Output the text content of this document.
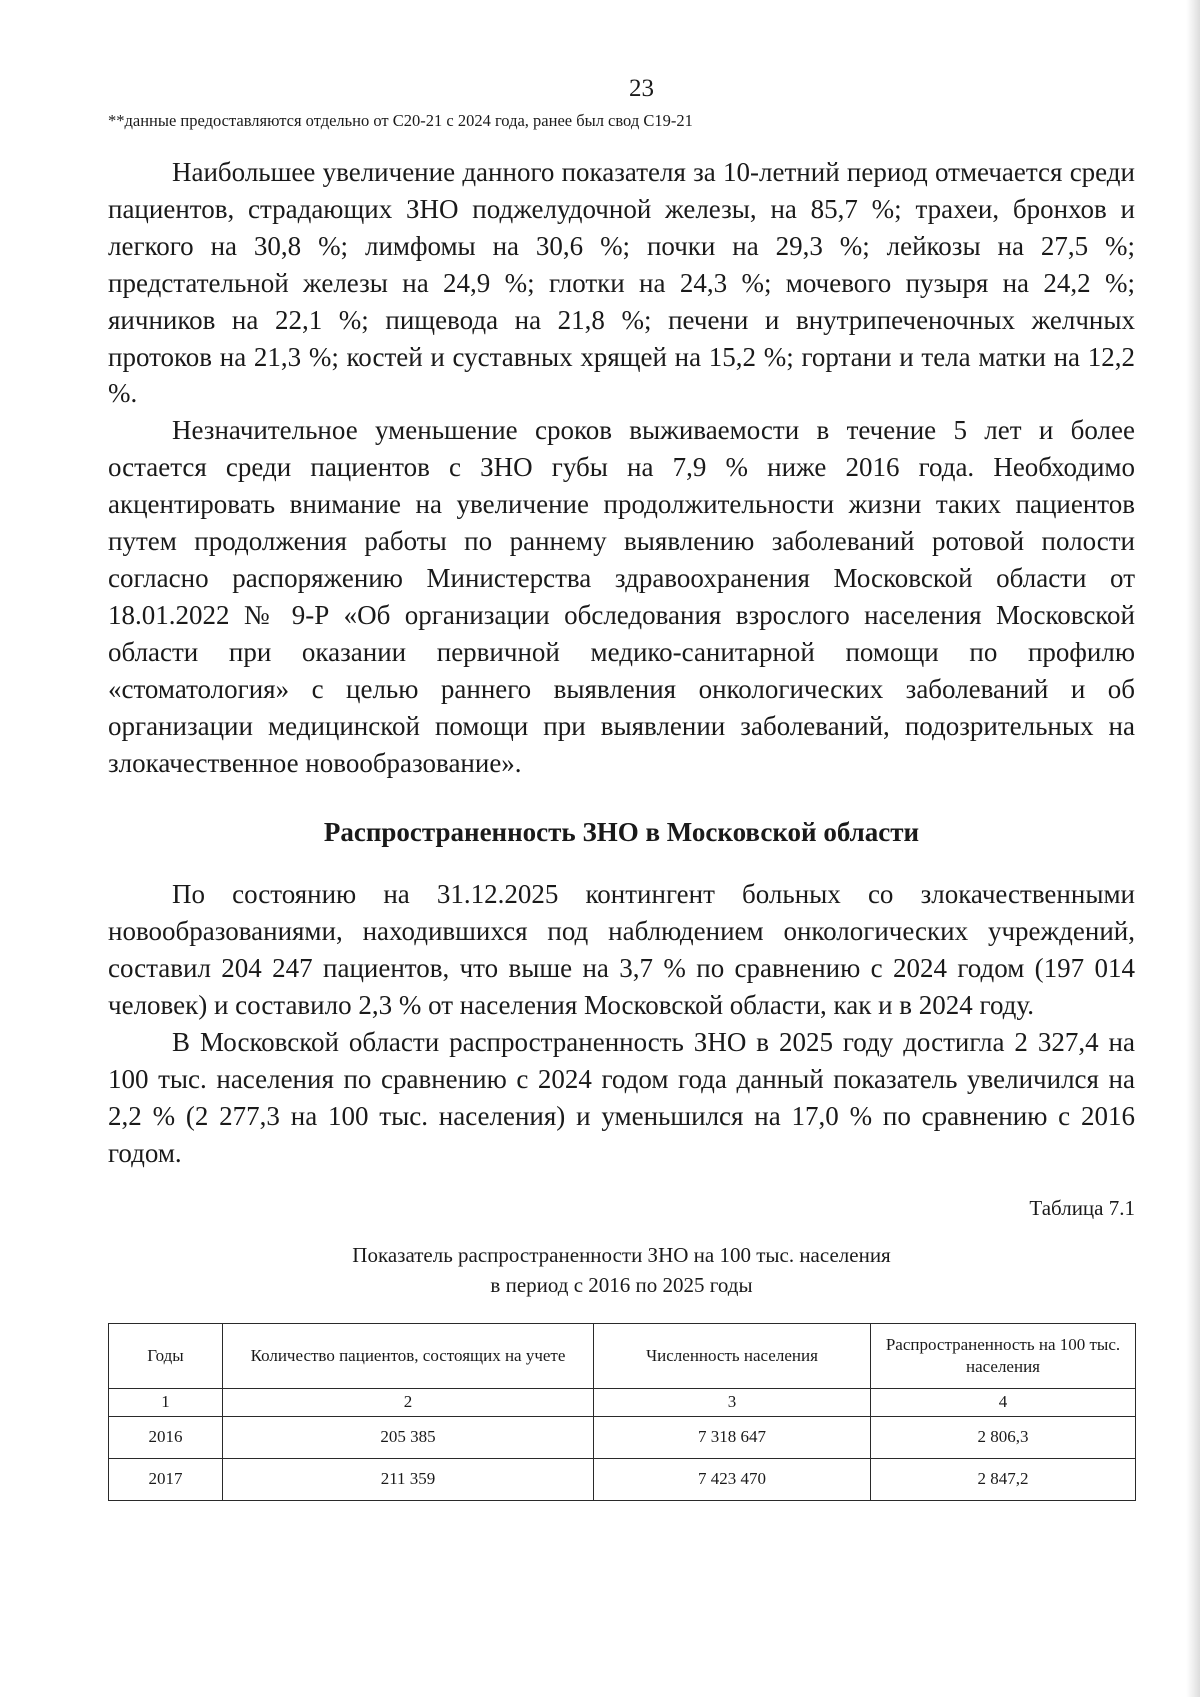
23
**данные предоставляются отдельно от С20-21 с 2024 года, ранее был свод С19-21

Наибольшее увеличение данного показателя за 10-летний период отмечается среди пациентов, страдающих ЗНО поджелудочной железы, на 85,7 %; трахеи, бронхов и легкого на 30,8 %; лимфомы на 30,6 %; почки на 29,3 %; лейкозы на 27,5 %; предстательной железы на 24,9 %; глотки на 24,3 %; мочевого пузыря на 24,2 %; яичников на 22,1 %; пищевода на 21,8 %; печени и внутрипеченочных желчных протоков на 21,3 %; костей и суставных хрящей на 15,2 %; гортани и тела матки на 12,2 %.

Незначительное уменьшение сроков выживаемости в течение 5 лет и более остается среди пациентов с ЗНО губы на 7,9 % ниже 2016 года. Необходимо акцентировать внимание на увеличение продолжительности жизни таких пациентов путем продолжения работы по раннему выявлению заболеваний ротовой полости согласно распоряжению Министерства здравоохранения Московской области от 18.01.2022 № 9-Р «Об организации обследования взрослого населения Московской области при оказании первичной медико-санитарной помощи по профилю «стоматология» с целью раннего выявления онкологических заболеваний и об организации медицинской помощи при выявлении заболеваний, подозрительных на злокачественное новообразование».

Распространенность ЗНО в Московской области

По состоянию на 31.12.2025 контингент больных со злокачественными новообразованиями, находившихся под наблюдением онкологических учреждений, составил 204 247 пациентов, что выше на 3,7 % по сравнению с 2024 годом (197 014 человек) и составило 2,3 % от населения Московской области, как и в 2024 году.

В Московской области распространенность ЗНО в 2025 году достигла 2 327,4 на 100 тыс. населения по сравнению с 2024 годом года данный показатель увеличился на 2,2 % (2 277,3 на 100 тыс. населения) и уменьшился на 17,0 % по сравнению с 2016 годом.

Таблица 7.1
Показатель распространенности ЗНО на 100 тыс. населения
в период с 2016 по 2025 годы
Годы	Количество пациентов, состоящих на учете	Численность населения	Распространенность на 100 тыс. населения
1	2	3	4
2016	205 385	7 318 647	2 806,3
2017	211 359	7 423 470	2 847,2
